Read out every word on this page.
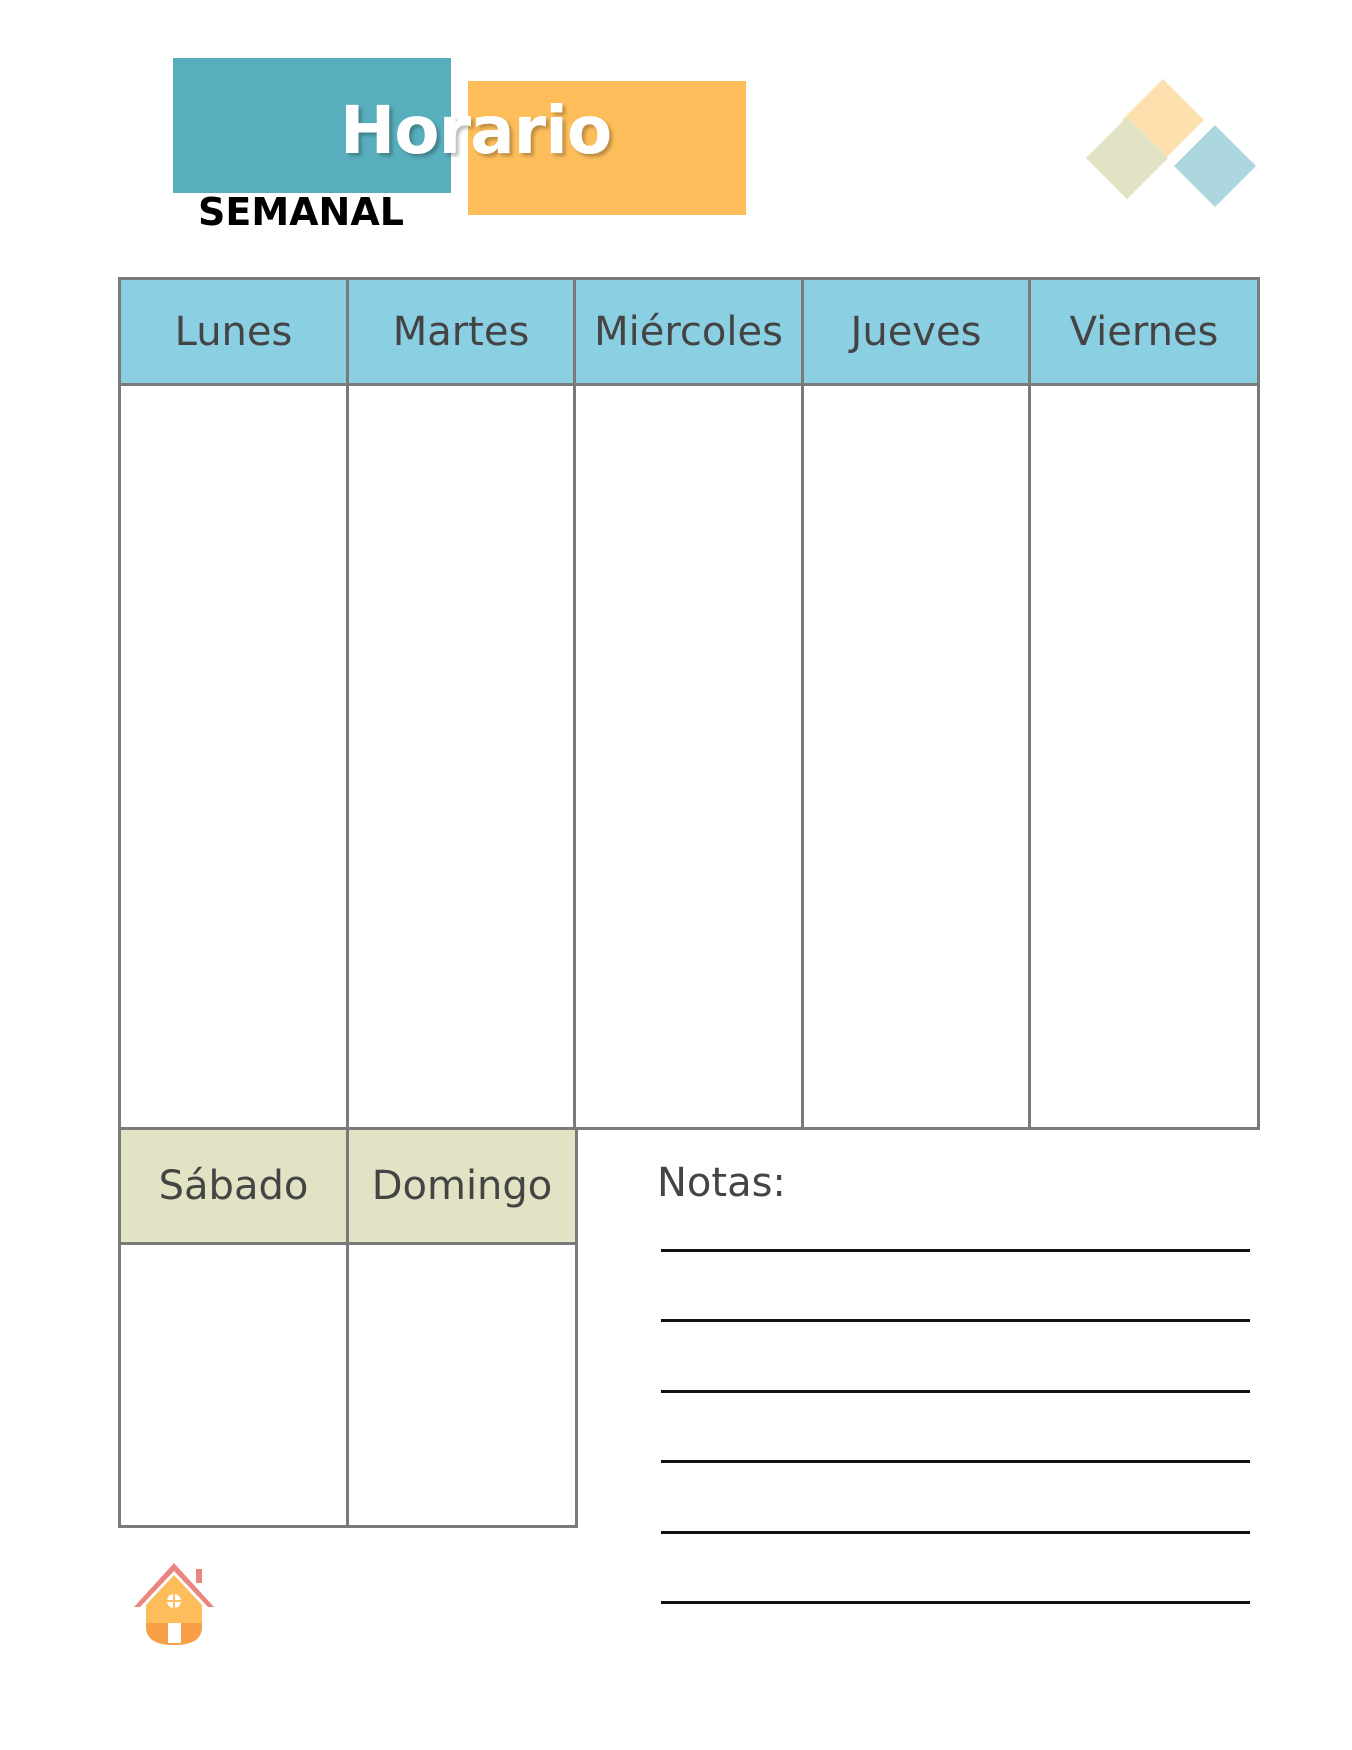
Horario
SEMANAL
Lunes	Martes	Miércoles	Jueves	Viernes
Sábado	Domingo	Notas:
